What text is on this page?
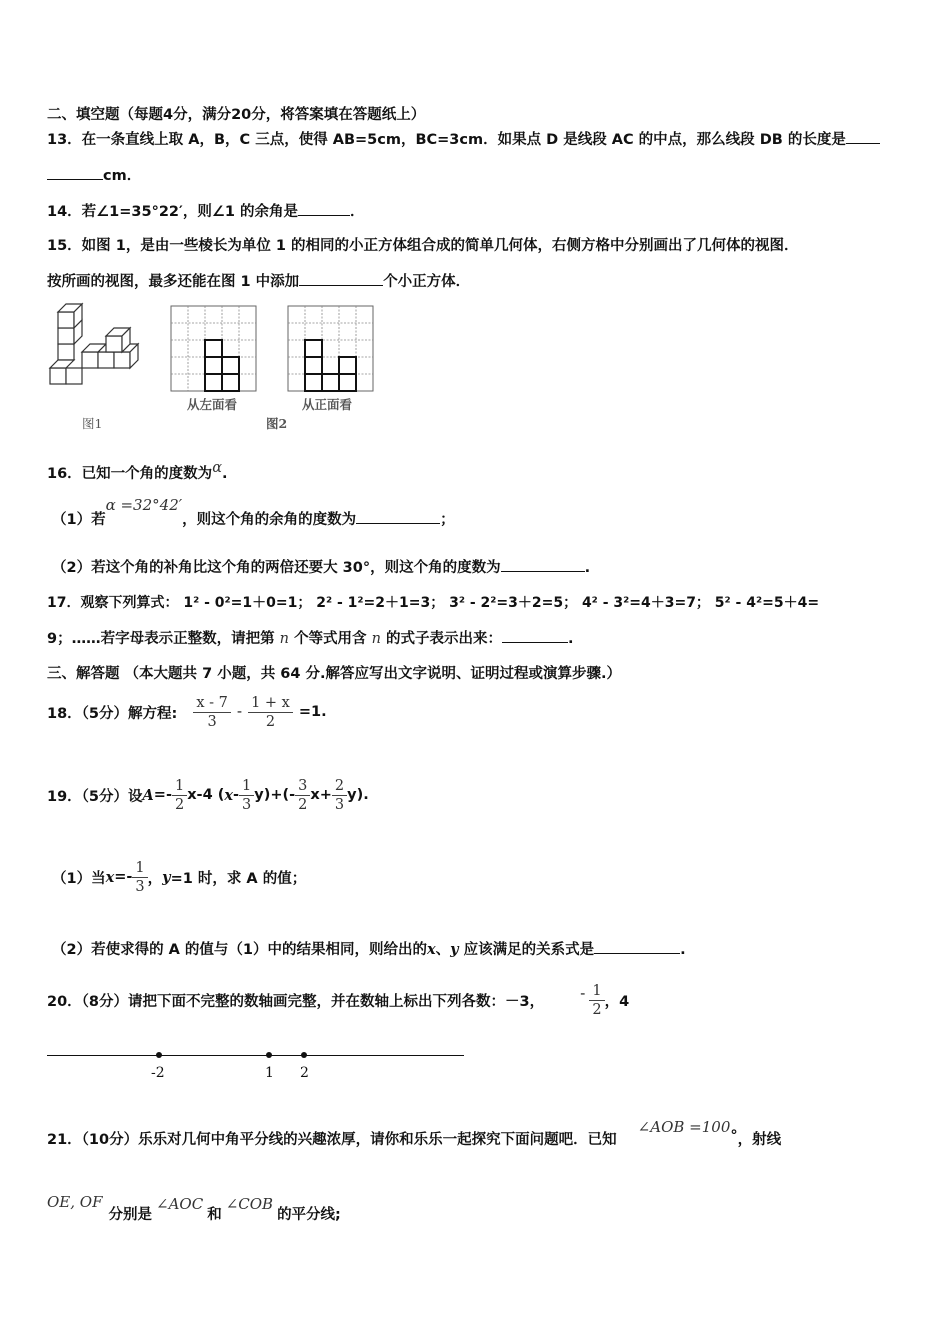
二、填空题（每题4分，满分20分，将答案填在答题纸上）
13．在一条直线上取 A，B，C 三点，使得 AB=5cm，BC=3cm．如果点 D 是线段 AC 的中点，那么线段 DB 的长度是
cm．
14．若∠1=35°22′，则∠1 的余角是	．
15．如图 1，是由一些棱长为单位 1 的相同的小正方体组合成的简单几何体，右侧方格中分别画出了几何体的视图．
按所画的视图，最多还能在图 1 中添加	个小正方体．
图1
从左面看
图2
从正面看
16．已知一个角的度数为α.
（1）若α =32°42′，则这个角的余角的度数为	；
（2）若这个角的补角比这个角的两倍还要大 30°，则这个角的度数为	.
17．观察下列算式： 1² - 0²=1＋0=1； 2² - 1²=2＋1=3； 3² - 2²=3＋2=5； 4² - 3²=4＋3=7； 5² - 4²=5＋4=
9；……若字母表示正整数，请把第 n 个等式用含 n 的式子表示出来：	.
三、解答题 （本大题共 7 小题，共 64 分.解答应写出文字说明、证明过程或演算步骤.）
18．（5分）解方程: $\frac{x - 7}{3} - \frac{1 + x}{2} =1$.
19．（5分）设 $A =- \frac{1}{2} x-4$ ( $x - \frac{1}{3} y)+(- \frac{3}{2} x+ \frac{2}{3} y)$.
（1）当 $x =- \frac{1}{3}$ ， y =1 时，求 A 的值；
（2）若使求得的 A 的值与（1）中的结果相同，则给出的x、y 应该满足的关系式是	.
20．（8分）请把下面不完整的数轴画完整，并在数轴上标出下列各数：－3， - $\frac{1}{2}$ ，4
-2	1 2
21．（10分）乐乐对几何中角平分线的兴趣浓厚，请你和乐乐一起探究下面问题吧．已知 ∠AOB =100°，射线
OE, OF分别是∠AOC和∠COB的平分线;
